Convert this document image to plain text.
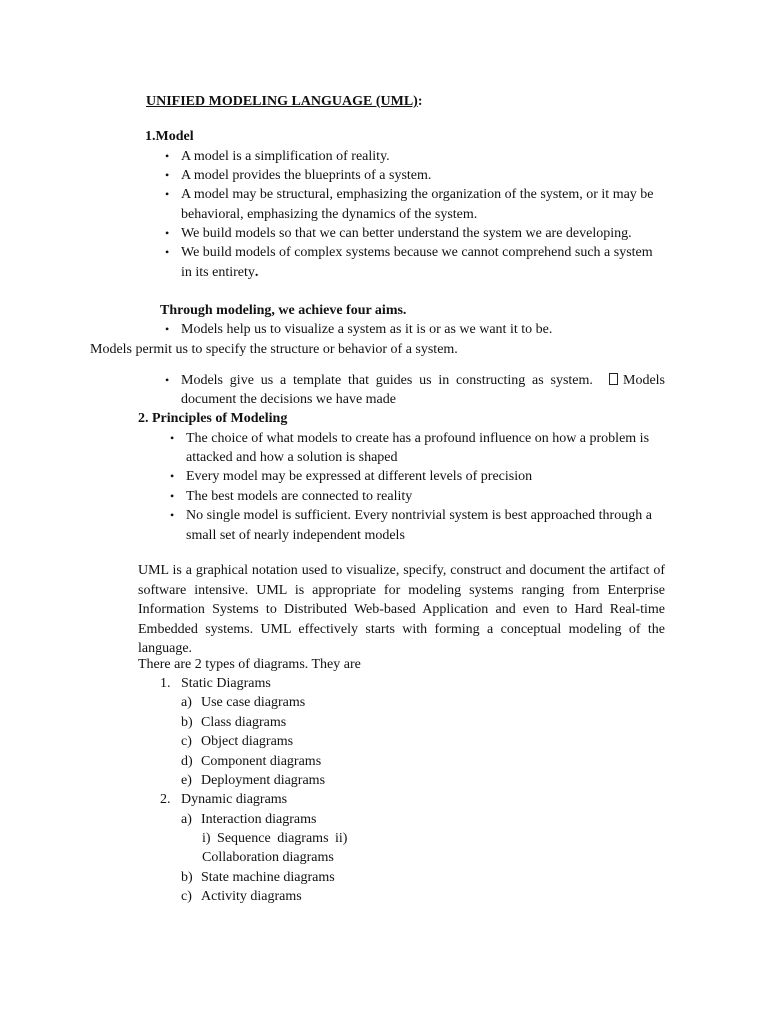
UNIFIED MODELING LANGUAGE (UML):
1.Model
• A model is a simplification of reality.
• A model provides the blueprints of a system.
• A model may be structural, emphasizing the organization of the system, or it may be
behavioral, emphasizing the dynamics of the system.
• We build models so that we can better understand the system we are developing.
• We build models of complex systems because we cannot comprehend such a system
in its entirety.
Through modeling, we achieve four aims.
• Models help us to visualize a system as it is or as we want it to be.
Models permit us to specify the structure or behavior of a system.
• Models give us a template that guides us in constructing as system.	Models
document the decisions we have made
2. Principles of Modeling
• The choice of what models to create has a profound influence on how a problem is
attacked and how a solution is shaped
• Every model may be expressed at different levels of precision
• The best models are connected to reality
• No single model is sufficient. Every nontrivial system is best approached through a
small set of nearly independent models
UML is a graphical notation used to visualize, specify, construct and document the artifact of software intensive. UML is appropriate for modeling systems ranging from Enterprise Information Systems to Distributed Web-based Application and even to Hard Real-time Embedded systems. UML effectively starts with forming a conceptual modeling of the language.
There are 2 types of diagrams. They are
1. Static Diagrams
a) Use case diagrams
b) Class diagrams
c) Object diagrams
d) Component diagrams
e) Deployment diagrams
2. Dynamic diagrams
a) Interaction diagrams
i) Sequence diagrams ii)
Collaboration diagrams
b) State machine diagrams
c) Activity diagrams
